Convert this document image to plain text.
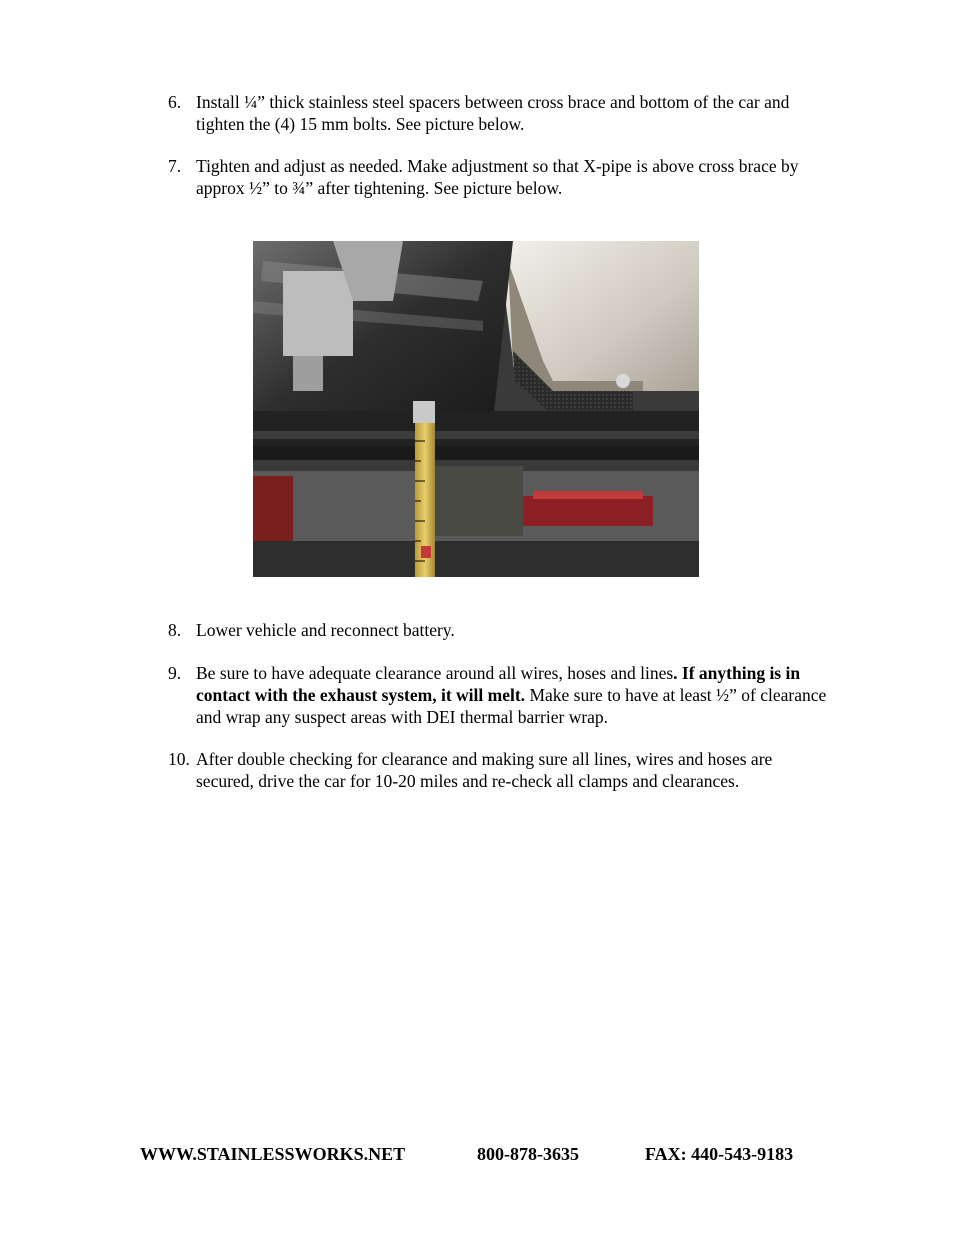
6. Install ¼” thick stainless steel spacers between cross brace and bottom of the car and tighten the (4) 15 mm bolts. See picture below.
7. Tighten and adjust as needed. Make adjustment so that X-pipe is above cross brace by approx ½” to ¾” after tightening. See picture below.
8. Lower vehicle and reconnect battery.
9. Be sure to have adequate clearance around all wires, hoses and lines. If anything is in contact with the exhaust system, it will melt. Make sure to have at least ½” of clearance and wrap any suspect areas with DEI thermal barrier wrap.
10. After double checking for clearance and making sure all lines, wires and hoses are secured, drive the car for 10-20 miles and re-check all clamps and clearances.
WWW.STAINLESSWORKS.NET	800-878-3635	FAX: 440-543-9183
